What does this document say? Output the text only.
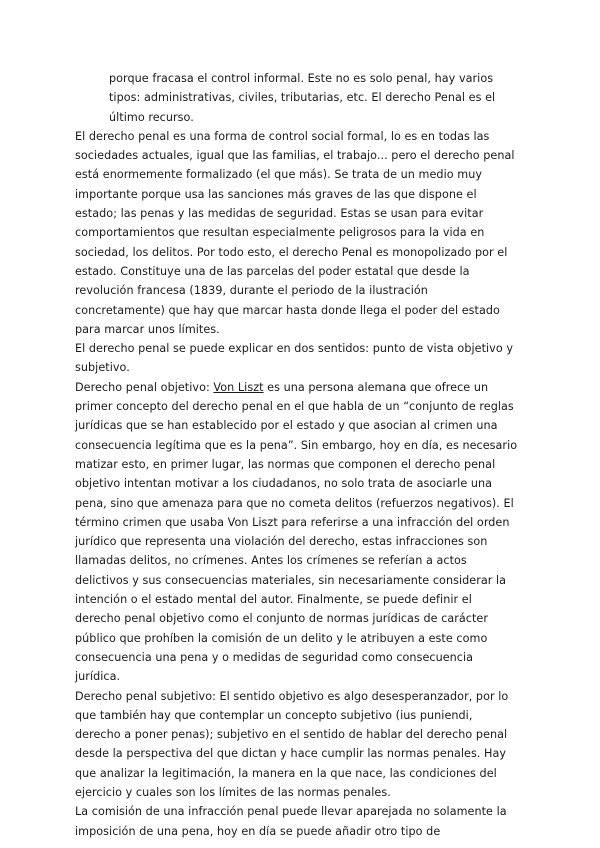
porque fracasa el control informal. Este no es solo penal, hay varios
tipos: administrativas, civiles, tributarias, etc. El derecho Penal es el
último recurso.
El derecho penal es una forma de control social formal, lo es en todas las
sociedades actuales, igual que las familias, el trabajo... pero el derecho penal
está enormemente formalizado (el que más). Se trata de un medio muy
importante porque usa las sanciones más graves de las que dispone el
estado; las penas y las medidas de seguridad. Estas se usan para evitar
comportamientos que resultan especialmente peligrosos para la vida en
sociedad, los delitos. Por todo esto, el derecho Penal es monopolizado por el
estado. Constituye una de las parcelas del poder estatal que desde la
revolución francesa (1839, durante el periodo de la ilustración
concretamente) que hay que marcar hasta donde llega el poder del estado
para marcar unos límites.
El derecho penal se puede explicar en dos sentidos: punto de vista objetivo y
subjetivo.
Derecho penal objetivo: Von Liszt es una persona alemana que ofrece un
primer concepto del derecho penal en el que habla de un “conjunto de reglas
jurídicas que se han establecido por el estado y que asocian al crimen una
consecuencia legítima que es la pena”. Sin embargo, hoy en día, es necesario
matizar esto, en primer lugar, las normas que componen el derecho penal
objetivo intentan motivar a los ciudadanos, no solo trata de asociarle una
pena, sino que amenaza para que no cometa delitos (refuerzos negativos). El
término crimen que usaba Von Liszt para referirse a una infracción del orden
jurídico que representa una violación del derecho, estas infracciones son
llamadas delitos, no crímenes. Antes los crímenes se referían a actos
delictivos y sus consecuencias materiales, sin necesariamente considerar la
intención o el estado mental del autor. Finalmente, se puede definir el
derecho penal objetivo como el conjunto de normas jurídicas de carácter
público que prohíben la comisión de un delito y le atribuyen a este como
consecuencia una pena y o medidas de seguridad como consecuencia
jurídica.
Derecho penal subjetivo: El sentido objetivo es algo desesperanzador, por lo
que también hay que contemplar un concepto subjetivo (ius puniendi,
derecho a poner penas); subjetivo en el sentido de hablar del derecho penal
desde la perspectiva del que dictan y hace cumplir las normas penales. Hay
que analizar la legitimación, la manera en la que nace, las condiciones del
ejercicio y cuales son los límites de las normas penales.
La comisión de una infracción penal puede llevar aparejada no solamente la
imposición de una pena, hoy en día se puede añadir otro tipo de
